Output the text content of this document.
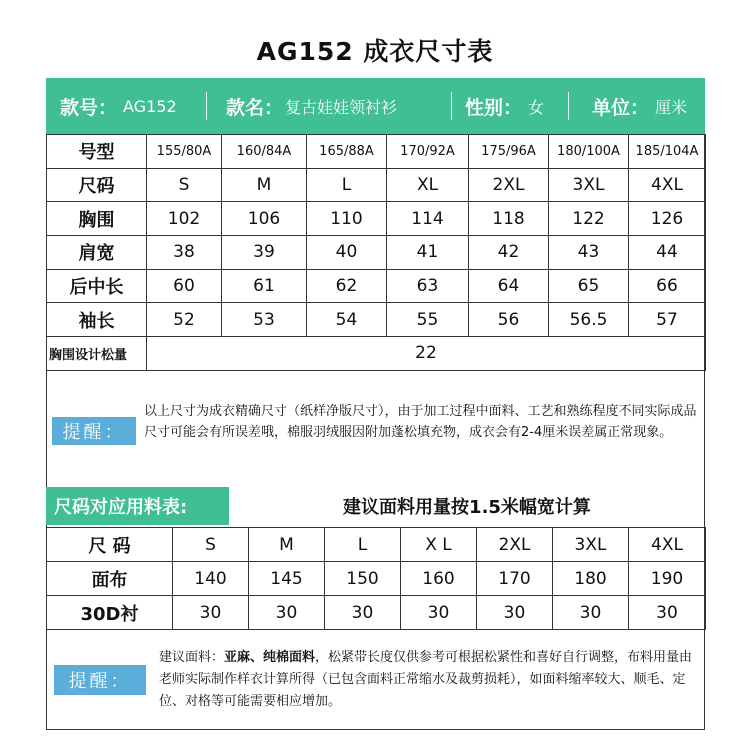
AG152 成衣尺寸表
款号： AG152	款名： 复古娃娃领衬衫	性别： 女	单位： 厘米
号型	155/80A	160/84A	165/88A	170/92A	175/96A	180/100A	185/104A
尺码	S	M	L	XL	2XL	3XL	4XL
胸围	102	106	110	114	118	122	126
肩宽	38	39	40	41	42	43	44
后中长	60	61	62	63	64	65	66
袖长	52	53	54	55	56	56.5	57
胸围设计松量	22						
提醒：
以上尺寸为成衣精确尺寸（纸样净版尺寸），由于加工过程中面料、工艺和熟练程度不同实际成品尺寸可能会有所误差哦，棉服羽绒服因附加蓬松填充物，成衣会有2-4厘米误差属正常现象。
尺码对应用料表:	建议面料用量按1.5米幅宽计算
尺 码	S	M	L	X L	2XL	3XL	4XL
面布	140	145	150	160	170	180	190
30D衬	30	30	30	30	30	30	30
提醒：
建议面料：亚麻、纯棉面料，松紧带长度仅供参考可根据松紧性和喜好自行调整，布料用量由老师实际制作样衣计算所得（已包含面料正常缩水及裁剪损耗），如面料缩率较大、顺毛、定位、对格等可能需要相应增加。
